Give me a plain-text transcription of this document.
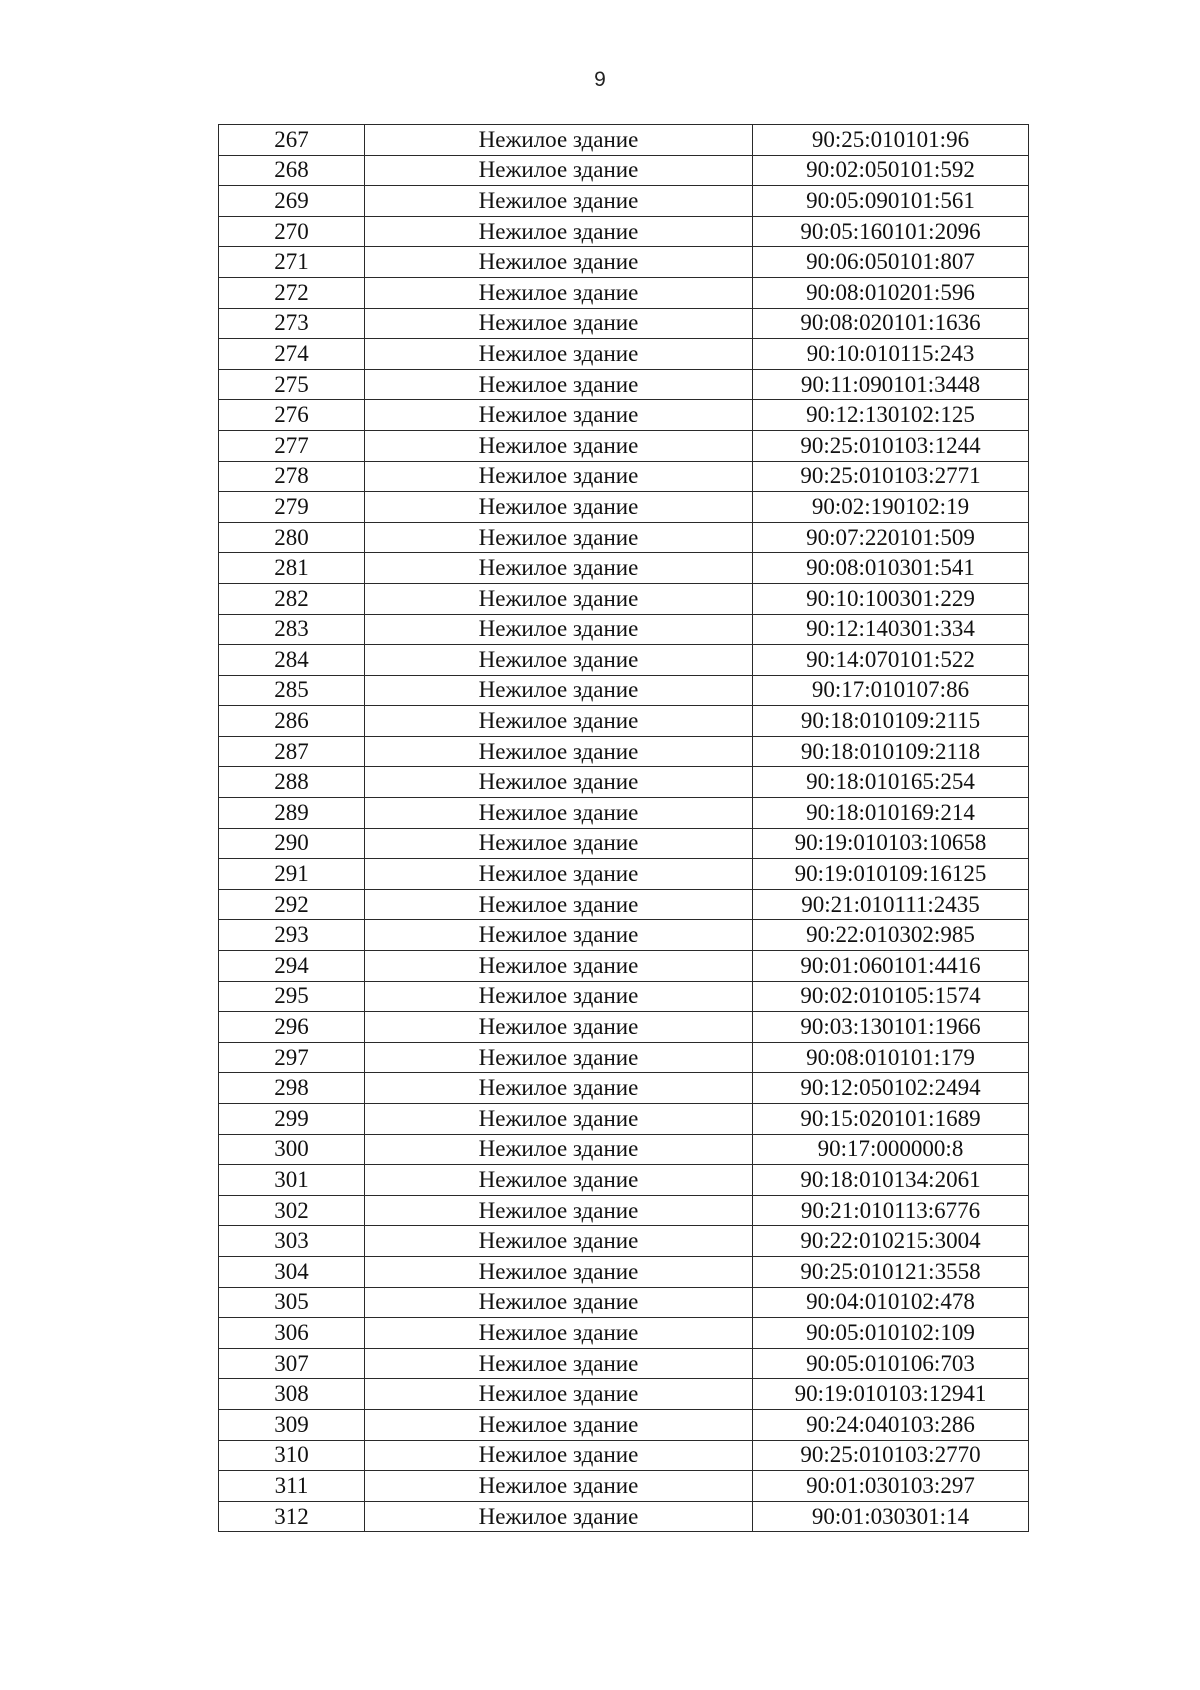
9
267	Нежилое здание	90:25:010101:96
268	Нежилое здание	90:02:050101:592
269	Нежилое здание	90:05:090101:561
270	Нежилое здание	90:05:160101:2096
271	Нежилое здание	90:06:050101:807
272	Нежилое здание	90:08:010201:596
273	Нежилое здание	90:08:020101:1636
274	Нежилое здание	90:10:010115:243
275	Нежилое здание	90:11:090101:3448
276	Нежилое здание	90:12:130102:125
277	Нежилое здание	90:25:010103:1244
278	Нежилое здание	90:25:010103:2771
279	Нежилое здание	90:02:190102:19
280	Нежилое здание	90:07:220101:509
281	Нежилое здание	90:08:010301:541
282	Нежилое здание	90:10:100301:229
283	Нежилое здание	90:12:140301:334
284	Нежилое здание	90:14:070101:522
285	Нежилое здание	90:17:010107:86
286	Нежилое здание	90:18:010109:2115
287	Нежилое здание	90:18:010109:2118
288	Нежилое здание	90:18:010165:254
289	Нежилое здание	90:18:010169:214
290	Нежилое здание	90:19:010103:10658
291	Нежилое здание	90:19:010109:16125
292	Нежилое здание	90:21:010111:2435
293	Нежилое здание	90:22:010302:985
294	Нежилое здание	90:01:060101:4416
295	Нежилое здание	90:02:010105:1574
296	Нежилое здание	90:03:130101:1966
297	Нежилое здание	90:08:010101:179
298	Нежилое здание	90:12:050102:2494
299	Нежилое здание	90:15:020101:1689
300	Нежилое здание	90:17:000000:8
301	Нежилое здание	90:18:010134:2061
302	Нежилое здание	90:21:010113:6776
303	Нежилое здание	90:22:010215:3004
304	Нежилое здание	90:25:010121:3558
305	Нежилое здание	90:04:010102:478
306	Нежилое здание	90:05:010102:109
307	Нежилое здание	90:05:010106:703
308	Нежилое здание	90:19:010103:12941
309	Нежилое здание	90:24:040103:286
310	Нежилое здание	90:25:010103:2770
311	Нежилое здание	90:01:030103:297
312	Нежилое здание	90:01:030301:14
